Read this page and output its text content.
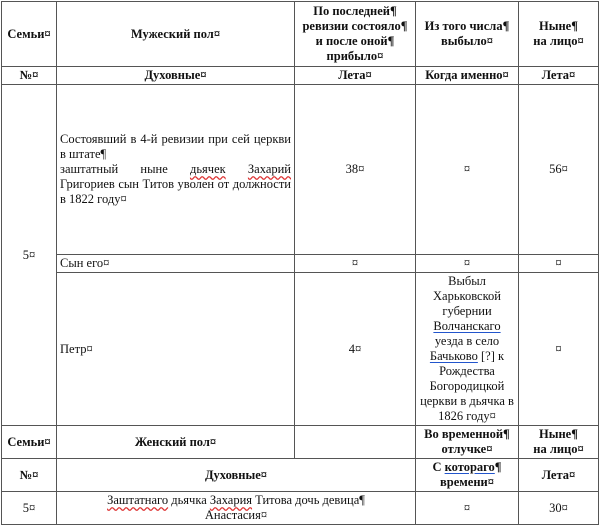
Семьи¤	Мужеский пол¤	По последней¶
ревизии состояло¶
и после оной¶
прибыло¤	Из того числа¶
выбыло¤	Ныне¶
на лицо¤
№¤	Духовные¤	Лета¤	Когда именно¤	Лета¤
5¤	Состоявший в 4-й ревизии при сей церкви в штате¶
заштатный ныне дьячек Захарий Григориев сын Титов уволен от должности в 1822 году¤	38¤	¤	56¤
	Сын его¤	¤	¤	¤
	Петр¤	4¤	Выбыл Харьковской губернии Волчанскаго уезда в село Бачьково [?] к Рождества Богородицкой церкви в дьячка в 1826 году¤	¤
Семьи¤	Женский пол¤		Во временной¶
отлучке¤	Ныне¶
на лицо¤
№¤	Духовные¤		С котораго¶
времени¤	Лета¤
5¤	Заштатнаго дьячка Захария Титова дочь девица¶
Анастасия¤		¤	30¤
